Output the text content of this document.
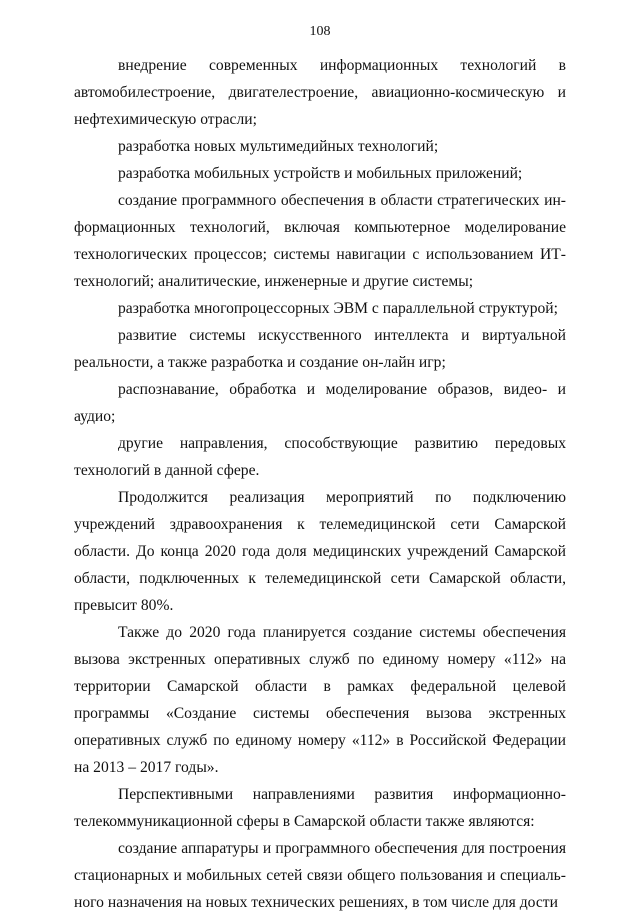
108

внедрение современных информационных технологий в автомобилестроение, двигателестроение, авиационно-космическую и нефтехимическую отрасли;

разработка новых мультимедийных технологий;

разработка мобильных устройств и мобильных приложений;

создание программного обеспечения в области стратегических информационных технологий, включая компьютерное моделирование технологических процессов; системы навигации с использованием ИТ-технологий; аналитические, инженерные и другие системы;

разработка многопроцессорных ЭВМ с параллельной структурой;

развитие системы искусственного интеллекта и виртуальной реальности, а также разработка и создание он-лайн игр;

распознавание, обработка и моделирование образов, видео- и аудио;

другие направления, способствующие развитию передовых технологий в данной сфере.

Продолжится реализация мероприятий по подключению учреждений здравоохранения к телемедицинской сети Самарской области. До конца 2020 года доля медицинских учреждений Самарской области, подключенных к телемедицинской сети Самарской области, превысит 80%.

Также до 2020 года планируется создание системы обеспечения вызова экстренных оперативных служб по единому номеру «112» на территории Самарской области в рамках федеральной целевой программы «Создание системы обеспечения вызова экстренных оперативных служб по единому номеру «112» в Российской Федерации на 2013 – 2017 годы».

Перспективными направлениями развития информационно-телекоммуникационной сферы в Самарской области также являются:

создание аппаратуры и программного обеспечения для построения стационарных и мобильных сетей связи общего пользования и специального назначения на новых технических решениях, в том числе для дости
